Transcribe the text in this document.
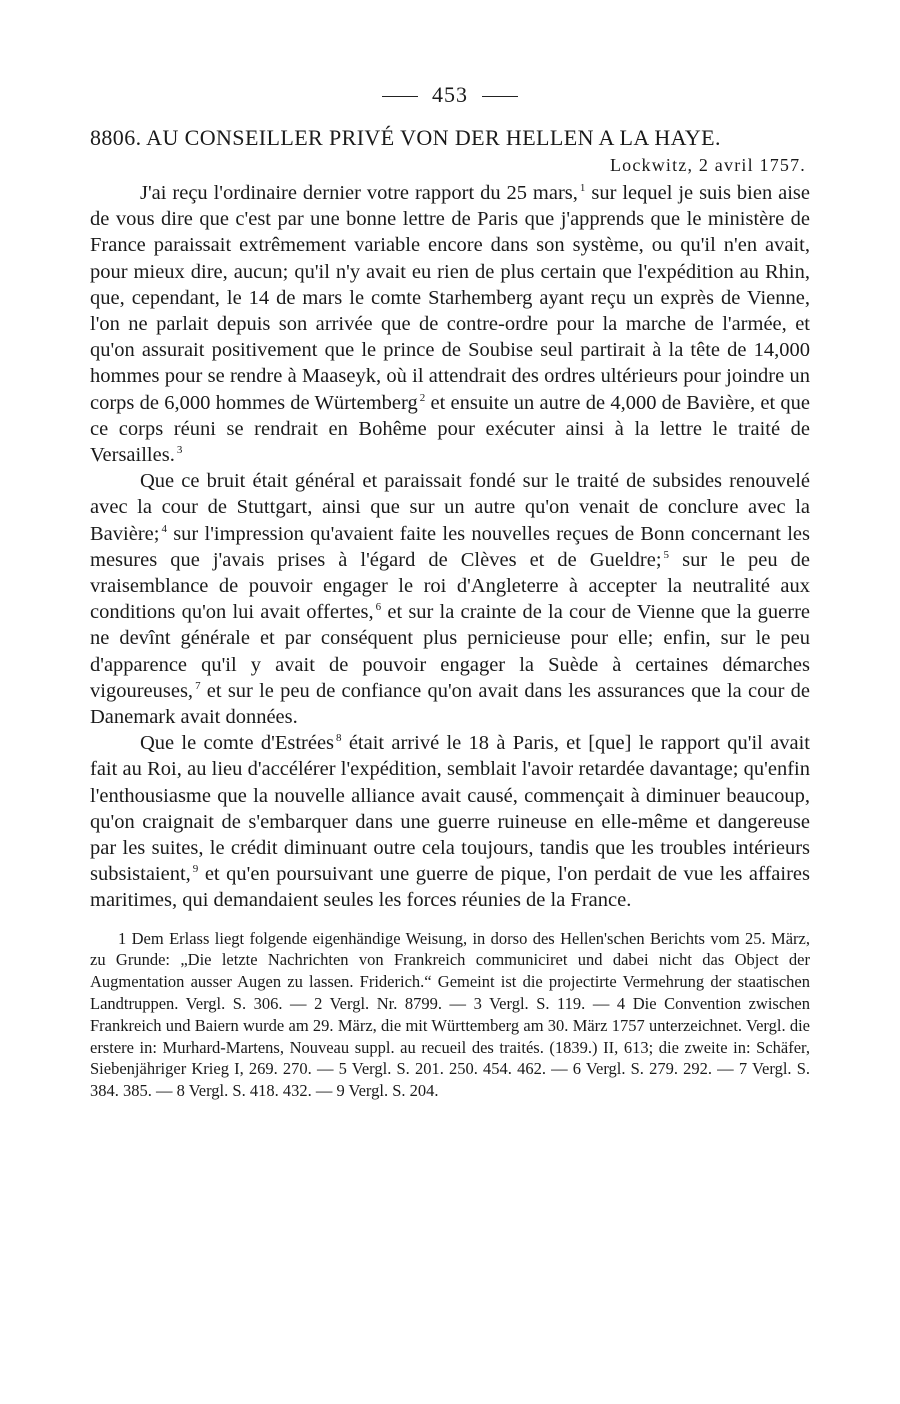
453
8806. AU CONSEILLER PRIVÉ VON DER HELLEN A LA HAYE.
Lockwitz, 2 avril 1757.

J'ai reçu l'ordinaire dernier votre rapport du 25 mars, $^1$ sur lequel je suis bien aise de vous dire que c'est par une bonne lettre de Paris que j'apprends que le ministère de France paraissait extrêmement variable encore dans son système, ou qu'il n'en avait, pour mieux dire, aucun; qu'il n'y avait eu rien de plus certain que l'expédition au Rhin, que, cependant, le 14 de mars le comte Starhemberg ayant reçu un exprès de Vienne, l'on ne parlait depuis son arrivée que de contre-ordre pour la marche de l'armée, et qu'on assurait positivement que le prince de Soubise seul partirait à la tête de 14,000 hommes pour se rendre à Maaseyk, où il attendrait des ordres ultérieurs pour joindre un corps de 6,000 hommes de Würtemberg $^2$ et ensuite un autre de 4,000 de Bavière, et que ce corps réuni se rendrait en Bohême pour exécuter ainsi à la lettre le traité de Versailles. $^3$

Que ce bruit était général et paraissait fondé sur le traité de subsides renouvelé avec la cour de Stuttgart, ainsi que sur un autre qu'on venait de conclure avec la Bavière; $^4$ sur l'impression qu'avaient faite les nouvelles reçues de Bonn concernant les mesures que j'avais prises à l'égard de Clèves et de Gueldre; $^5$ sur le peu de vraisemblance de pouvoir engager le roi d'Angleterre à accepter la neutralité aux conditions qu'on lui avait offertes, $^6$ et sur la crainte de la cour de Vienne que la guerre ne devînt générale et par conséquent plus pernicieuse pour elle; enfin, sur le peu d'apparence qu'il y avait de pouvoir engager la Suède à certaines démarches vigoureuses, $^7$ et sur le peu de confiance qu'on avait dans les assurances que la cour de Danemark avait données.

Que le comte d'Estrées $^8$ était arrivé le 18 à Paris, et [que] le rapport qu'il avait fait au Roi, au lieu d'accélérer l'expédition, semblait l'avoir retardée davantage; qu'enfin l'enthousiasme que la nouvelle alliance avait causé, commençait à diminuer beaucoup, qu'on craignait de s'embarquer dans une guerre ruineuse en elle-même et dangereuse par les suites, le crédit diminuant outre cela toujours, tandis que les troubles intérieurs subsistaient, $^9$ et qu'en poursuivant une guerre de pique, l'on perdait de vue les affaires maritimes, qui demandaient seules les forces réunies de la France.

1 Dem Erlass liegt folgende eigenhändige Weisung, in dorso des Hellen'schen Berichts vom 25. März, zu Grunde: „Die letzte Nachrichten von Frankreich communiciret und dabei nicht das Object der Augmentation ausser Augen zu lassen. Friderich.“ Gemeint ist die projectirte Vermehrung der staatischen Landtruppen. Vergl. S. 306. — 2 Vergl. Nr. 8799. — 3 Vergl. S. 119. — 4 Die Convention zwischen Frankreich und Baiern wurde am 29. März, die mit Württemberg am 30. März 1757 unterzeichnet. Vergl. die erstere in: Murhard-Martens, Nouveau suppl. au recueil des traités. (1839.) II, 613; die zweite in: Schäfer, Siebenjähriger Krieg I, 269. 270. — 5 Vergl. S. 201. 250. 454. 462. — 6 Vergl. S. 279. 292. — 7 Vergl. S. 384. 385. — 8 Vergl. S. 418. 432. — 9 Vergl. S. 204.
